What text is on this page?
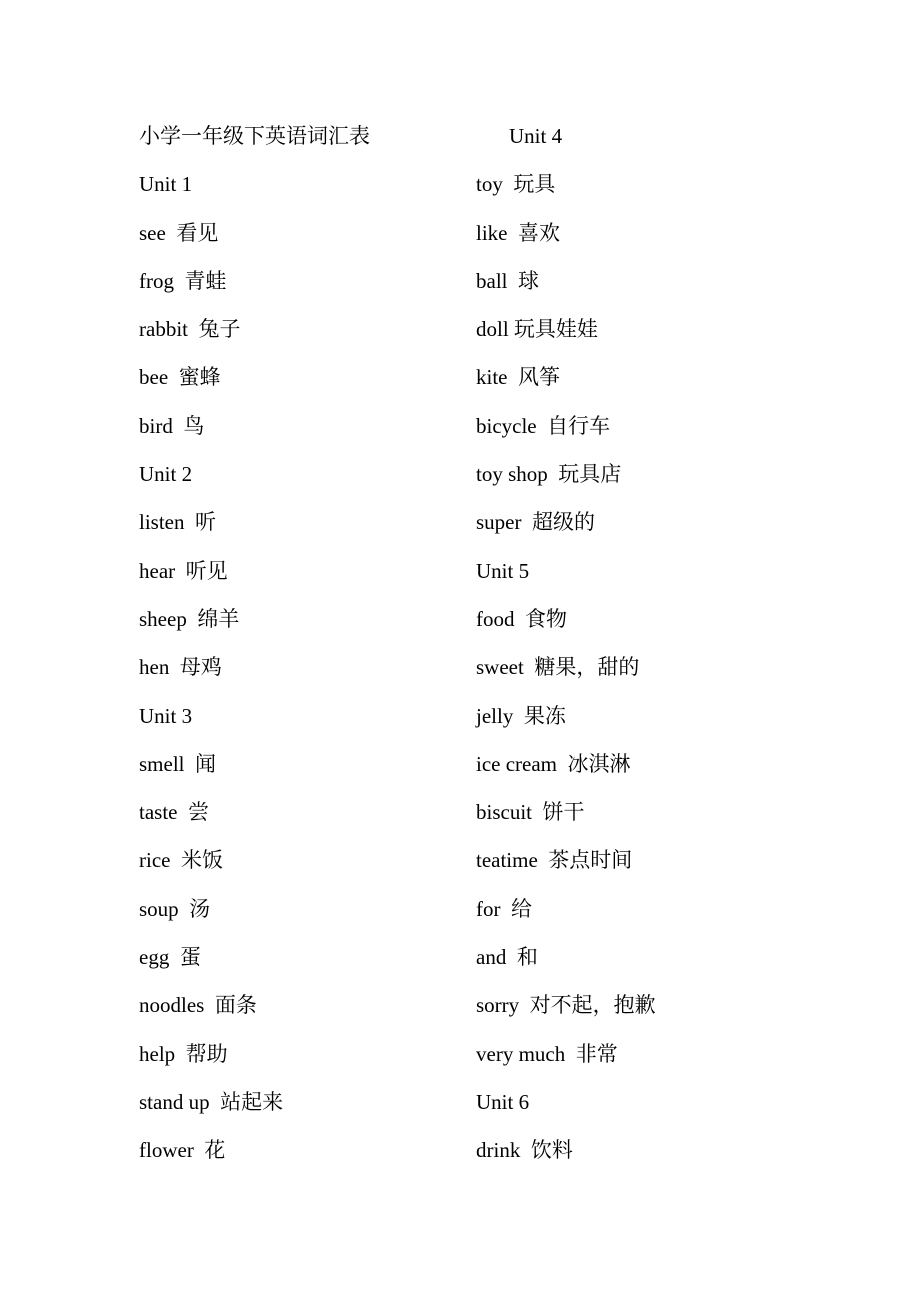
小学一年级下英语词汇表
Unit 1
see  看见
frog  青蛙
rabbit  兔子
bee  蜜蜂
bird  鸟
Unit 2
listen  听
hear  听见
sheep  绵羊
hen  母鸡
Unit 3
smell  闻
taste  尝
rice  米饭
soup  汤
egg  蛋
noodles  面条
help  帮助
stand up  站起来
flower  花
Unit 4
toy  玩具
like  喜欢
ball  球
doll 玩具娃娃
kite  风筝
bicycle  自行车
toy shop  玩具店
super  超级的
Unit 5
food  食物
sweet  糖果，甜的
jelly  果冻
ice cream  冰淇淋
biscuit  饼干
teatime  茶点时间
for  给
and  和
sorry  对不起，抱歉
very much  非常
Unit 6
drink  饮料
